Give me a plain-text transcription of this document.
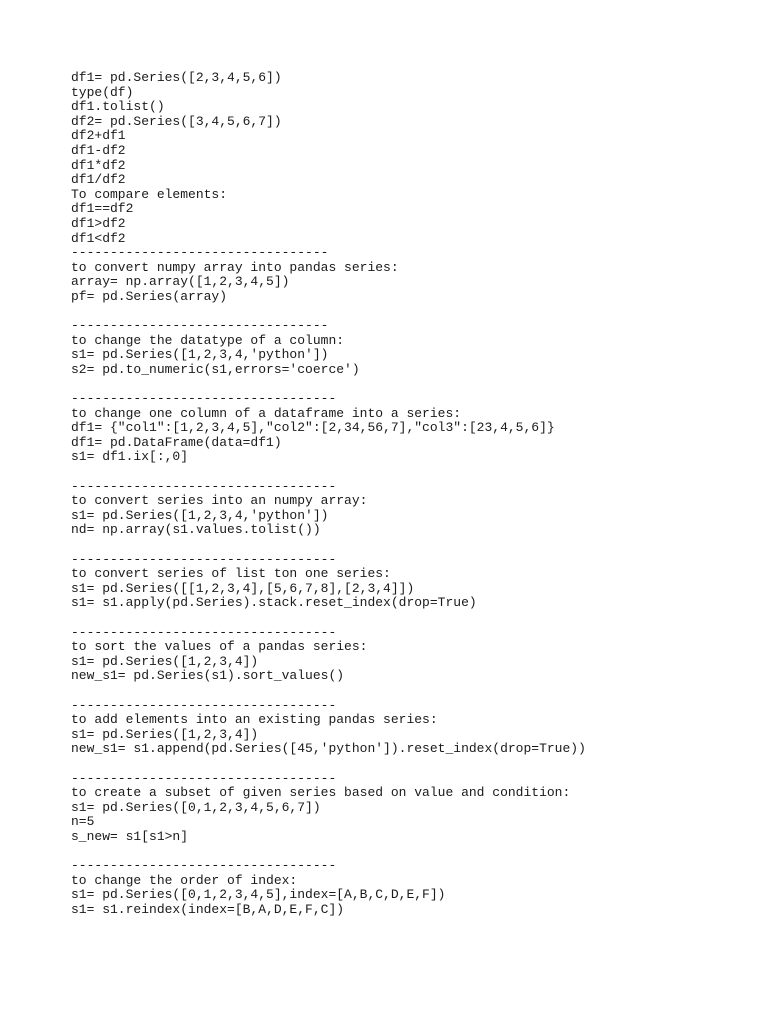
df1= pd.Series([2,3,4,5,6])
type(df)
df1.tolist()
df2= pd.Series([3,4,5,6,7])
df2+df1
df1-df2
df1*df2
df1/df2
To compare elements:
df1==df2
df1>df2
df1<df2
---------------------------------
to convert numpy array into pandas series:
array= np.array([1,2,3,4,5])
pf= pd.Series(array)
---------------------------------
to change the datatype of a column:
s1= pd.Series([1,2,3,4,'python'])
s2= pd.to_numeric(s1,errors='coerce')
----------------------------------
to change one column of a dataframe into a series:
df1= {"col1":[1,2,3,4,5],"col2":[2,34,56,7],"col3":[23,4,5,6]}
df1= pd.DataFrame(data=df1)
s1= df1.ix[:,0]
----------------------------------
to convert series into an numpy array:
s1= pd.Series([1,2,3,4,'python'])
nd= np.array(s1.values.tolist())
----------------------------------
to convert series of list ton one series:
s1= pd.Series([[1,2,3,4],[5,6,7,8],[2,3,4]])
s1= s1.apply(pd.Series).stack.reset_index(drop=True)
----------------------------------
to sort the values of a pandas series:
s1= pd.Series([1,2,3,4])
new_s1= pd.Series(s1).sort_values()
----------------------------------
to add elements into an existing pandas series:
s1= pd.Series([1,2,3,4])
new_s1= s1.append(pd.Series([45,'python']).reset_index(drop=True))
----------------------------------
to create a subset of given series based on value and condition:
s1= pd.Series([0,1,2,3,4,5,6,7])
n=5
s_new= s1[s1>n]
----------------------------------
to change the order of index:
s1= pd.Series([0,1,2,3,4,5],index=[A,B,C,D,E,F])
s1= s1.reindex(index=[B,A,D,E,F,C])
